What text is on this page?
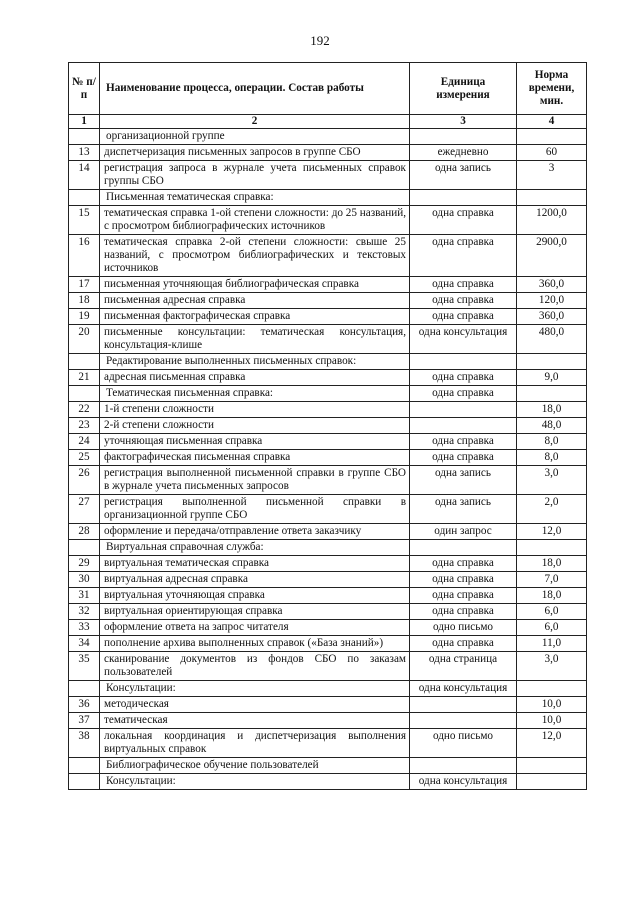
192
№ п/п	Наименование процесса, операции. Состав работы	Единица измерения	Норма времени, мин.
1	2	3	4
	организационной группе		
13	диспетчеризация письменных запросов в группе СБО	ежедневно	60
14	регистрация запроса в журнале учета письменных справок группы СБО	одна запись	3
	Письменная тематическая справка:		
15	тематическая справка 1-ой степени сложности: до 25 названий, с просмотром библиографических источников	одна справка	1200,0
16	тематическая справка 2-ой степени сложности: свыше 25 названий, с просмотром библиографических и текстовых источников	одна справка	2900,0
17	письменная уточняющая библиографическая справка	одна справка	360,0
18	письменная адресная справка	одна справка	120,0
19	письменная фактографическая справка	одна справка	360,0
20	письменные консультации: тематическая консультация, консультация-клише	одна консультация	480,0
	Редактирование выполненных письменных справок:		
21	адресная письменная справка	одна справка	9,0
	Тематическая письменная справка:	одна справка	
22	1-й степени сложности		18,0
23	2-й степени сложности		48,0
24	уточняющая письменная справка	одна справка	8,0
25	фактографическая письменная справка	одна справка	8,0
26	регистрация выполненной письменной справки в группе СБО в журнале учета письменных запросов	одна запись	3,0
27	регистрация выполненной письменной справки в организационной группе СБО	одна запись	2,0
28	оформление и передача/отправление ответа заказчику	один запрос	12,0
	Виртуальная справочная служба:		
29	виртуальная тематическая справка	одна справка	18,0
30	виртуальная адресная справка	одна справка	7,0
31	виртуальная уточняющая справка	одна справка	18,0
32	виртуальная ориентирующая справка	одна справка	6,0
33	оформление ответа на запрос читателя	одно письмо	6,0
34	пополнение архива выполненных справок («База знаний»)	одна справка	11,0
35	сканирование документов из фондов СБО по заказам пользователей	одна страница	3,0
	Консультации:	одна консультация	
36	методическая		10,0
37	тематическая		10,0
38	локальная координация и диспетчеризация выполнения виртуальных справок	одно письмо	12,0
	Библиографическое обучение пользователей		
	Консультации:	одна консультация	
